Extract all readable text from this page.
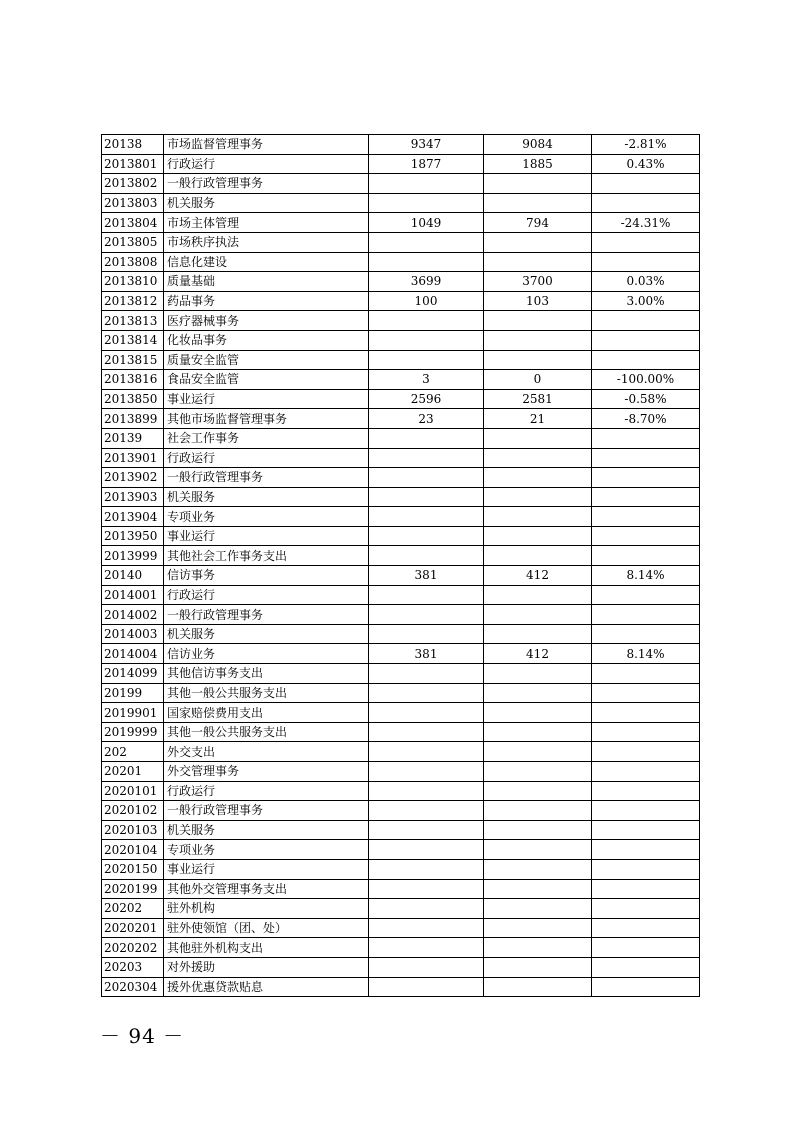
20138	市场监督管理事务	9347	9084	-2.81%
2013801	行政运行	1877	1885	0.43%
2013802	一般行政管理事务			
2013803	机关服务			
2013804	市场主体管理	1049	794	-24.31%
2013805	市场秩序执法			
2013808	信息化建设			
2013810	质量基础	3699	3700	0.03%
2013812	药品事务	100	103	3.00%
2013813	医疗器械事务			
2013814	化妆品事务			
2013815	质量安全监管			
2013816	食品安全监管	3	0	-100.00%
2013850	事业运行	2596	2581	-0.58%
2013899	其他市场监督管理事务	23	21	-8.70%
20139	社会工作事务			
2013901	行政运行			
2013902	一般行政管理事务			
2013903	机关服务			
2013904	专项业务			
2013950	事业运行			
2013999	其他社会工作事务支出			
20140	信访事务	381	412	8.14%
2014001	行政运行			
2014002	一般行政管理事务			
2014003	机关服务			
2014004	信访业务	381	412	8.14%
2014099	其他信访事务支出			
20199	其他一般公共服务支出			
2019901	国家赔偿费用支出			
2019999	其他一般公共服务支出			
202	外交支出			
20201	外交管理事务			
2020101	行政运行			
2020102	一般行政管理事务			
2020103	机关服务			
2020104	专项业务			
2020150	事业运行			
2020199	其他外交管理事务支出			
20202	驻外机构			
2020201	驻外使领馆（团、处）			
2020202	其他驻外机构支出			
20203	对外援助			
2020304	援外优惠贷款贴息			
－ 94 －
